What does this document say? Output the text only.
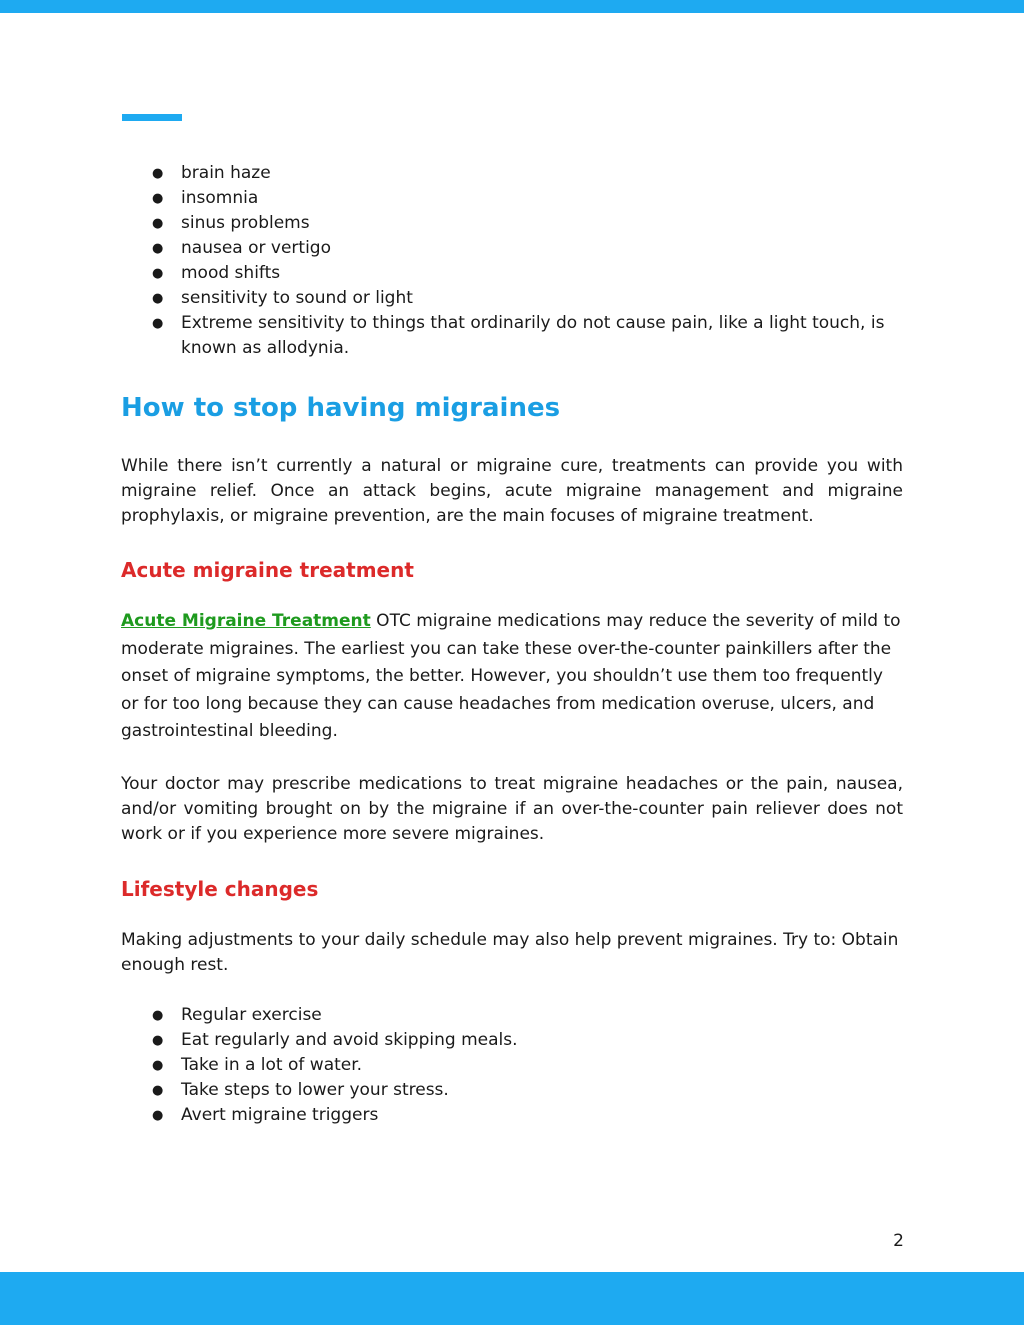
● brain haze
● insomnia
● sinus problems
● nausea or vertigo
● mood shifts
● sensitivity to sound or light
● Extreme sensitivity to things that ordinarily do not cause pain, like a light touch, is known as allodynia.
How to stop having migraines

While there isn’t currently a natural or migraine cure, treatments can provide you with migraine relief. Once an attack begins, acute migraine management and migraine prophylaxis, or migraine prevention, are the main focuses of migraine treatment.

Acute migraine treatment

Acute Migraine Treatment OTC migraine medications may reduce the severity of mild to moderate migraines. The earliest you can take these over-the-counter painkillers after the onset of migraine symptoms, the better. However, you shouldn’t use them too frequently or for too long because they can cause headaches from medication overuse, ulcers, and gastrointestinal bleeding.

Your doctor may prescribe medications to treat migraine headaches or the pain, nausea, and/or vomiting brought on by the migraine if an over-the-counter pain reliever does not work or if you experience more severe migraines.

Lifestyle changes

Making adjustments to your daily schedule may also help prevent migraines. Try to: Obtain enough rest.

● Regular exercise
● Eat regularly and avoid skipping meals.
● Take in a lot of water.
● Take steps to lower your stress.
● Avert migraine triggers
2
